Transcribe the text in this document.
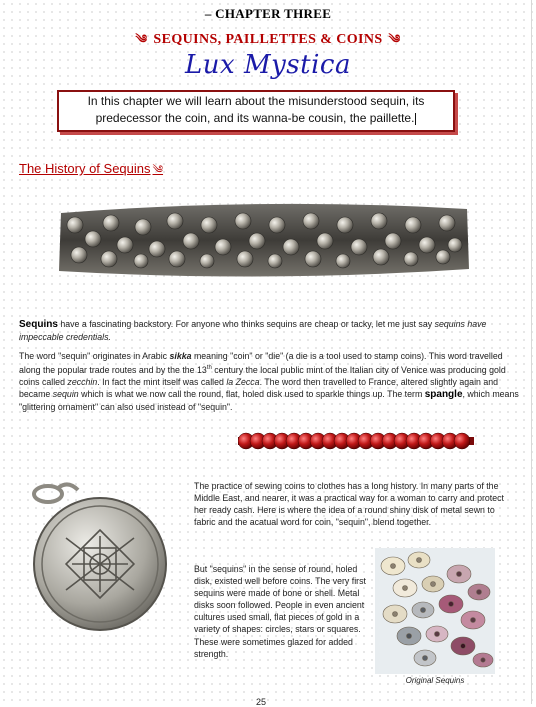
– CHAPTER THREE
༄ SEQUINS, PAILLETTES & COINS ༄
Lux Mystica

In this chapter we will learn about the misunderstood sequin, its predecessor the coin, and its wanna-be cousin, the paillette.

The History of Sequins ༄
Sequins have a fascinating backstory. For anyone who thinks sequins are cheap or tacky, let me just say sequins have impeccable credentials.
The word "sequin" originates in Arabic sikka meaning "coin" or "die" (a die is a tool used to stamp coins). This word travelled along the popular trade routes and by the the 13th century the local public mint of the Italian city of Venice was producing gold coins called zecchin. In fact the mint itself was called la Zecca. The word then travelled to France, altered slightly again and became sequin which is what we now call the round, flat, holed disk used to sparkle things up. The term spangle, which means "glittering ornament" can also used instead of "sequin".
The practice of sewing coins to clothes has a long history. In many parts of the Middle East, and nearer, it was a practical way for a woman to carry and protect her ready cash. Here is where the idea of a round shiny disk of metal sewn to fabric and the acatual word for coin, "sequin", blend together.
But "sequins" in the sense of round, holed disk, existed well before coins. The very first sequins were made of bone or shell. Metal disks soon followed. People in even ancient cultures used small, flat pieces of gold in a variety of shapes: circles, stars or squares. These were sometimes glazed for added strength.
Original Sequins
25
